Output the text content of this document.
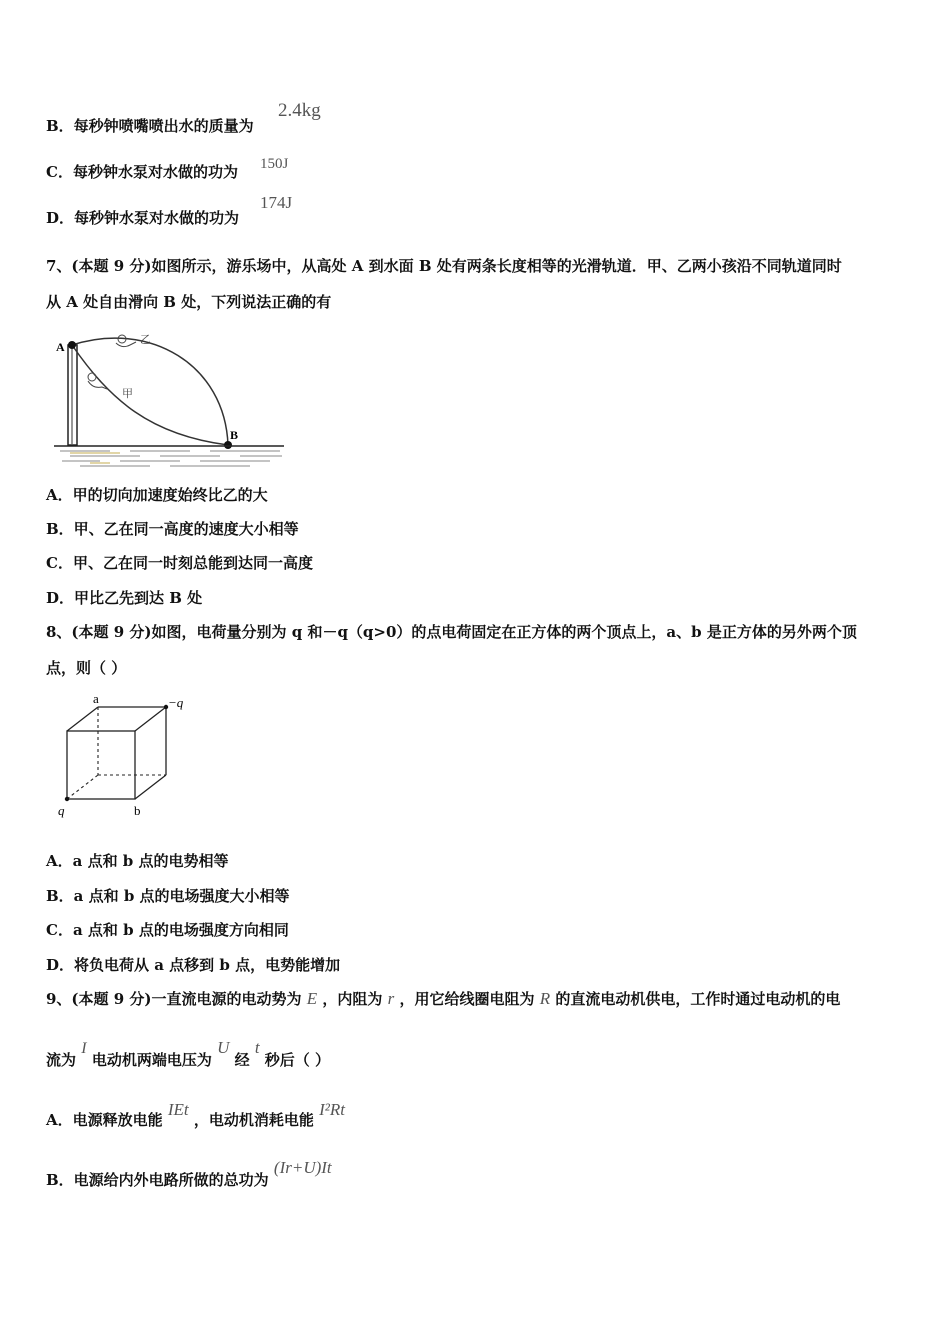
B．每秒钟喷嘴喷出水的质量为
2.4kg
C．每秒钟水泵对水做的功为 150J
D．每秒钟水泵对水做的功为
174J
7、(本题 9 分)如图所示，游乐场中，从高处 A 到水面 B 处有两条长度相等的光滑轨道．甲、乙两小孩沿不同轨道同时
从 A 处自由滑向 B 处，下列说法正确的有
A
B
乙
甲
A．甲的切向加速度始终比乙的大
B．甲、乙在同一高度的速度大小相等
C．甲、乙在同一时刻总能到达同一高度
D．甲比乙先到达 B 处
8、(本题 9 分)如图，电荷量分别为 q 和－q（q>0）的点电荷固定在正方体的两个顶点上，a、b 是正方体的另外两个顶
点，则（ ）
a	−q
q	b
A．a 点和 b 点的电势相等
B．a 点和 b 点的电场强度大小相等
C．a 点和 b 点的电场强度方向相同
D．将负电荷从 a 点移到 b 点，电势能增加
9、(本题 9 分)一直流电源的电动势为 E ，内阻为 r ，用它给线圈电阻为 R 的直流电动机供电，工作时通过电动机的电
流为 I 电动机两端电压为 U 经 t 秒后（ ）
A．电源释放电能 IEt ，电动机消耗电能 I²Rt
B．电源给内外电路所做的总功为 (Ir+U)It
